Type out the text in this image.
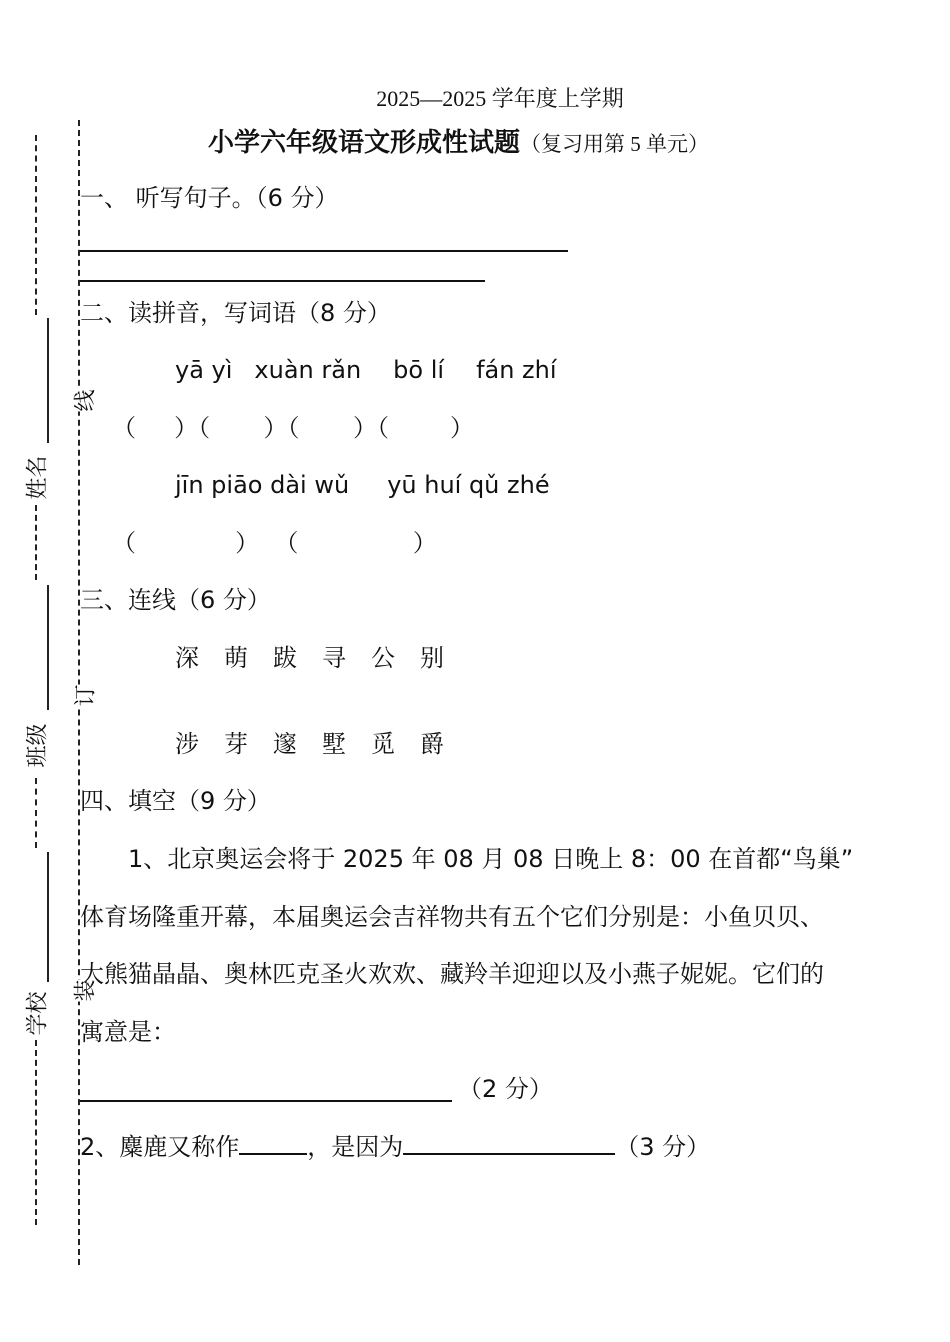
姓名
班级
学校
线
订
装
2025—2025 学年度上学期
小学六年级语文形成性试题（复习用第 5 单元）
一、 听写句子。（6 分）
二、读拼音，写词语（8 分）
yā yì xuàn rǎn bō lí fán zhí
（     ）（       ）（       ）（        ）
jīn piāo dài wǔ yū huí qǔ zhé
（             ）  （               ）
三、连线（6 分）
深 萌 跋 寻 公 别
涉 芽 邃 墅 觅 爵
四、填空（9 分）
1、北京奥运会将于 2025 年 08 月 08 日晚上 8：00 在首都“鸟巢”
体育场隆重开幕，本届奥运会吉祥物共有五个它们分别是：小鱼贝贝、
大熊猫晶晶、奥林匹克圣火欢欢、藏羚羊迎迎以及小燕子妮妮。它们的
寓意是：
（2 分）
2、麋鹿又称作	，是因为	（3 分）
